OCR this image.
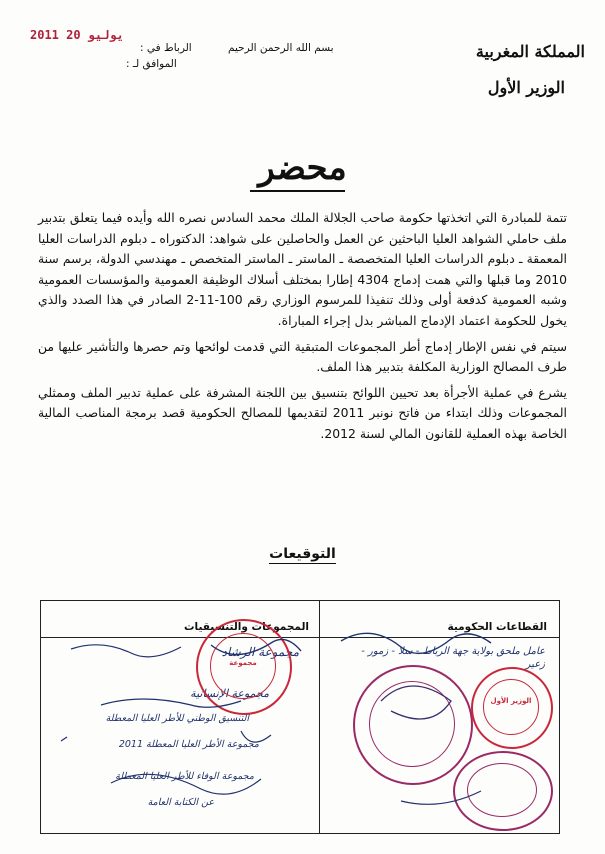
المملكة المغربية
الوزير الأول
بسم الله الرحمن الرحيم
الرباط في :
الموافق لـ :
2011 يوليو 20
محضر

تتمة للمبادرة التي اتخذتها حكومة صاحب الجلالة الملك محمد السادس نصره الله وأيده فيما يتعلق بتدبير ملف حاملي الشواهد العليا الباحثين عن العمل والحاصلين على شواهد: الدكتوراه ـ دبلوم الدراسات العليا المعمقة ـ دبلوم الدراسات العليا المتخصصة ـ الماستر ـ الماستر المتخصص ـ مهندسي الدولة، برسم سنة 2010 وما قبلها والتي همت إدماج 4304 إطارا بمختلف أسلاك الوظيفة العمومية والمؤسسات العمومية وشبه العمومية كدفعة أولى وذلك تنفيذا للمرسوم الوزاري رقم 100-11-2 الصادر في هذا الصدد والذي يخول للحكومة اعتماد الإدماج المباشر بدل إجراء المباراة.

سيتم في نفس الإطار إدماج أطر المجموعات المتبقية التي قدمت لوائحها وتم حصرها والتأشير عليها من طرف المصالح الوزارية المكلفة بتدبير هذا الملف.

يشرع في عملية الأجرأة بعد تحيين اللوائح بتنسيق بين اللجنة المشرفة على عملية تدبير الملف وممثلي المجموعات وذلك ابتداء من فاتح نونبر 2011 لتقديمها للمصالح الحكومية قصد برمجة المناصب المالية الخاصة بهذه العملية للقانون المالي لسنة 2012.

التوقيعات
القطاعات الحكومية
المجموعات والتنسيقيات
عامل ملحق بولاية جهة الرباط - سلا - زمور - زعير
مجموعة الرشاد
مجموعة الإنسانية
التنسيق الوطني للأطر العليا المعطلة
مجموعة الأطر العليا المعطلة 2011
مجموعة الوفاء للأطر العليا المعطلة
عن الكتابة العامة
مجموعة
الوزير الأول
